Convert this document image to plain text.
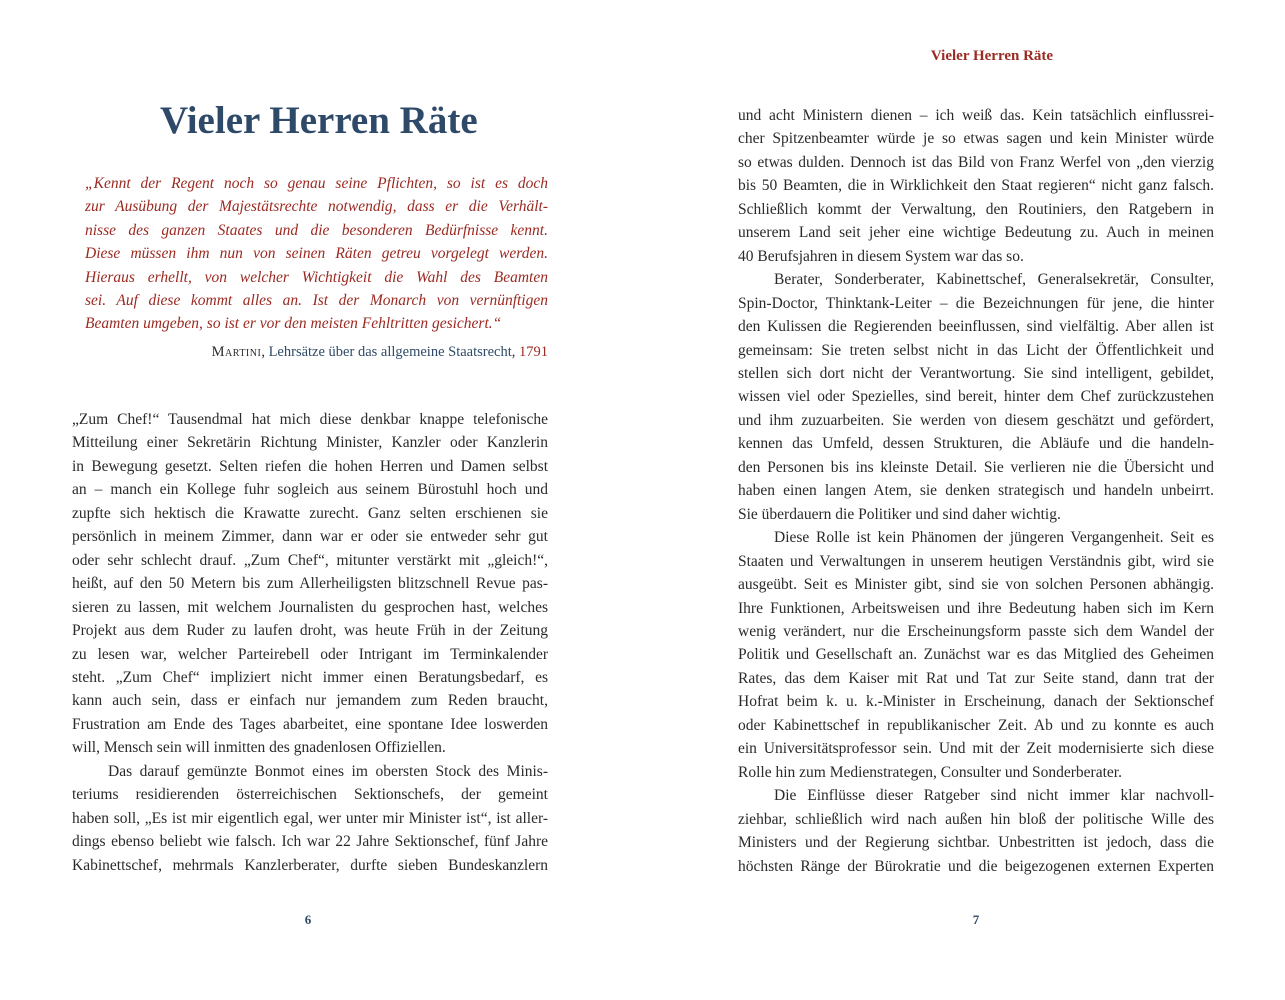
Vieler Herren Räte
„Kennt der Regent noch so genau seine Pflichten, so ist es doch
zur Ausübung der Majestätsrechte notwendig, dass er die Verhält-
nisse des ganzen Staates und die besonderen Bedürfnisse kennt.
Diese müssen ihm nun von seinen Räten getreu vorgelegt werden.
Hieraus erhellt, von welcher Wichtigkeit die Wahl des Beamten
sei. Auf diese kommt alles an. Ist der Monarch von vernünftigen
Beamten umgeben, so ist er vor den meisten Fehltritten gesichert.“
Martini, Lehrsätze über das allgemeine Staatsrecht, 1791
„Zum Chef!“ Tausendmal hat mich diese denkbar knappe telefonische
Mitteilung einer Sekretärin Richtung Minister, Kanzler oder Kanzlerin
in Bewegung gesetzt. Selten riefen die hohen Herren und Damen selbst
an – manch ein Kollege fuhr sogleich aus seinem Bürostuhl hoch und
zupfte sich hektisch die Krawatte zurecht. Ganz selten erschienen sie
persönlich in meinem Zimmer, dann war er oder sie entweder sehr gut
oder sehr schlecht drauf. „Zum Chef“, mitunter verstärkt mit „gleich!“,
heißt, auf den 50 Metern bis zum Allerheiligsten blitzschnell Revue pas-
sieren zu lassen, mit welchem Journalisten du gesprochen hast, welches
Projekt aus dem Ruder zu laufen droht, was heute Früh in der Zeitung
zu lesen war, welcher Parteirebell oder Intrigant im Terminkalender
steht. „Zum Chef“ impliziert nicht immer einen Beratungsbedarf, es
kann auch sein, dass er einfach nur jemandem zum Reden braucht,
Frustration am Ende des Tages abarbeitet, eine spontane Idee loswerden
will, Mensch sein will inmitten des gnadenlosen Offiziellen.
Das darauf gemünzte Bonmot eines im obersten Stock des Minis-
teriums residierenden österreichischen Sektionschefs, der gemeint
haben soll, „Es ist mir eigentlich egal, wer unter mir Minister ist“, ist aller-
dings ebenso beliebt wie falsch. Ich war 22 Jahre Sektionschef, fünf Jahre
Kabinettschef, mehrmals Kanzlerberater, durfte sieben Bundeskanzlern
6
Vieler Herren Räte
und acht Ministern dienen – ich weiß das. Kein tatsächlich einflussrei-
cher Spitzenbeamter würde je so etwas sagen und kein Minister würde
so etwas dulden. Dennoch ist das Bild von Franz Werfel von „den vierzig
bis 50 Beamten, die in Wirklichkeit den Staat regieren“ nicht ganz falsch.
Schließlich kommt der Verwaltung, den Routiniers, den Ratgebern in
unserem Land seit jeher eine wichtige Bedeutung zu. Auch in meinen
40 Berufsjahren in diesem System war das so.
Berater, Sonderberater, Kabinettschef, Generalsekretär, Consulter,
Spin-Doctor, Thinktank-Leiter – die Bezeichnungen für jene, die hinter
den Kulissen die Regierenden beeinflussen, sind vielfältig. Aber allen ist
gemeinsam: Sie treten selbst nicht in das Licht der Öffentlichkeit und
stellen sich dort nicht der Verantwortung. Sie sind intelligent, gebildet,
wissen viel oder Spezielles, sind bereit, hinter dem Chef zurückzustehen
und ihm zuzuarbeiten. Sie werden von diesem geschätzt und gefördert,
kennen das Umfeld, dessen Strukturen, die Abläufe und die handeln-
den Personen bis ins kleinste Detail. Sie verlieren nie die Übersicht und
haben einen langen Atem, sie denken strategisch und handeln unbeirrt.
Sie überdauern die Politiker und sind daher wichtig.
Diese Rolle ist kein Phänomen der jüngeren Vergangenheit. Seit es
Staaten und Verwaltungen in unserem heutigen Verständnis gibt, wird sie
ausgeübt. Seit es Minister gibt, sind sie von solchen Personen abhängig.
Ihre Funktionen, Arbeitsweisen und ihre Bedeutung haben sich im Kern
wenig verändert, nur die Erscheinungsform passte sich dem Wandel der
Politik und Gesellschaft an. Zunächst war es das Mitglied des Geheimen
Rates, das dem Kaiser mit Rat und Tat zur Seite stand, dann trat der
Hofrat beim k. u. k.-Minister in Erscheinung, danach der Sektionschef
oder Kabinettschef in republikanischer Zeit. Ab und zu konnte es auch
ein Universitätsprofessor sein. Und mit der Zeit modernisierte sich diese
Rolle hin zum Medienstrategen, Consulter und Sonderberater.
Die Einflüsse dieser Ratgeber sind nicht immer klar nachvoll-
ziehbar, schließlich wird nach außen hin bloß der politische Wille des
Ministers und der Regierung sichtbar. Unbestritten ist jedoch, dass die
höchsten Ränge der Bürokratie und die beigezogenen externen Experten
7
